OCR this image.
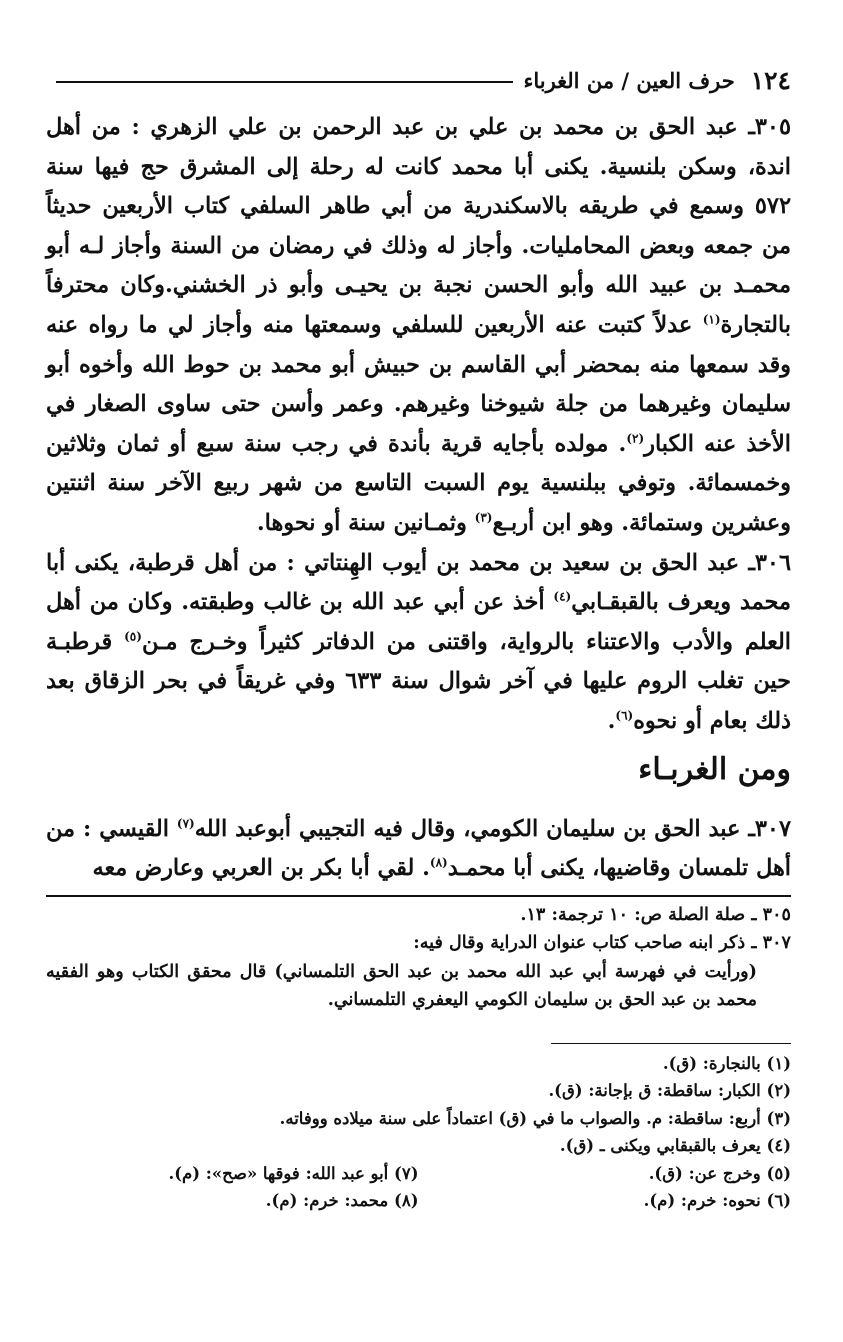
١٢٤
حرف العين / من الغرباء

٣٠٥ـ عبد الحق بن محمد بن علي بن عبد الرحمن بن علي الزهري : من أهل اندة، وسكن بلنسية. يكنى أبا محمد كانت له رحلة إلى المشرق حج فيها سنة ٥٧٢ وسمع في طريقه بالاسكندرية من أبي طاهر السلفي كتاب الأربعين حديثاً من جمعه وبعض المحامليات. وأجاز له وذلك في رمضان من السنة وأجاز لـه أبو محمـد بن عبيد الله وأبو الحسن نجبة بن يحيـى وأبو ذر الخشني.وكان محترفاً بالتجارة$^{(١)}$ عدلاً كتبت عنه الأربعين للسلفي وسمعتها منه وأجاز لي ما رواه عنه وقد سمعها منه بمحضر أبي القاسم بن حبيش أبو محمد بن حوط الله وأخوه أبو سليمان وغيرهما من جلة شيوخنا وغيرهم. وعمر وأسن حتى ساوى الصغار في الأخذ عنه الكبار$^{(٢)}$. مولده بأجايه قرية بأندة في رجب سنة سبع أو ثمان وثلاثين وخمسمائة. وتوفي ببلنسية يوم السبت التاسع من شهر ربيع الآخر سنة اثنتين وعشرين وستمائة. وهو ابن أربـع$^{(٣)}$ وثمـانين سنة أو نحوها.

٣٠٦ـ عبد الحق بن سعيد بن محمد بن أيوب الهِنتاتي : من أهل قرطبة، يكنى أبا محمد ويعرف بالقبقـابي$^{(٤)}$ أخذ عن أبي عبد الله بن غالب وطبقته. وكان من أهل العلم والأدب والاعتناء بالرواية، واقتنى من الدفاتر كثيراً وخـرج مـن$^{(٥)}$ قرطبـة حين تغلب الروم عليها في آخر شوال سنة ٦٣٣ وفي غريقاً في بحر الزقاق بعد ذلك بعام أو نحوه$^{(٦)}$.

ومن الغربـاء

٣٠٧ـ عبد الحق بن سليمان الكومي، وقال فيه التجيبي أبوعبد الله$^{(٧)}$ القيسي : من أهل تلمسان وقاضيها، يكنى أبا محمـد$^{(٨)}$. لقي أبا بكر بن العربي وعارض معه

٣٠٥ ـ صلة الصلة ص: ١٠ ترجمة: ١٣.

٣٠٧ ـ ذكر ابنه صاحب كتاب عنوان الدراية وقال فيه:

(ورأيت في فهرسة أبي عبد الله محمد بن عبد الحق التلمساني) قال محقق الكتاب وهو الفقيه محمد بن عبد الحق بن سليمان الكومي اليعفري التلمساني.

(١) بالنجارة: (ق).
(٢) الكبار: ساقطة: ق بإجانة: (ق).
(٣) أربع: ساقطة: م. والصواب ما في (ق) اعتماداً على سنة ميلاده ووفاته.
(٤) يعرف بالقبقابي ويكنى ـ (ق).
(٥) وخرج عن: (ق).
(٧) أبو عبد الله: فوقها «صح»: (م).
(٦) نحوه: خرم: (م).
(٨) محمد: خرم: (م).
